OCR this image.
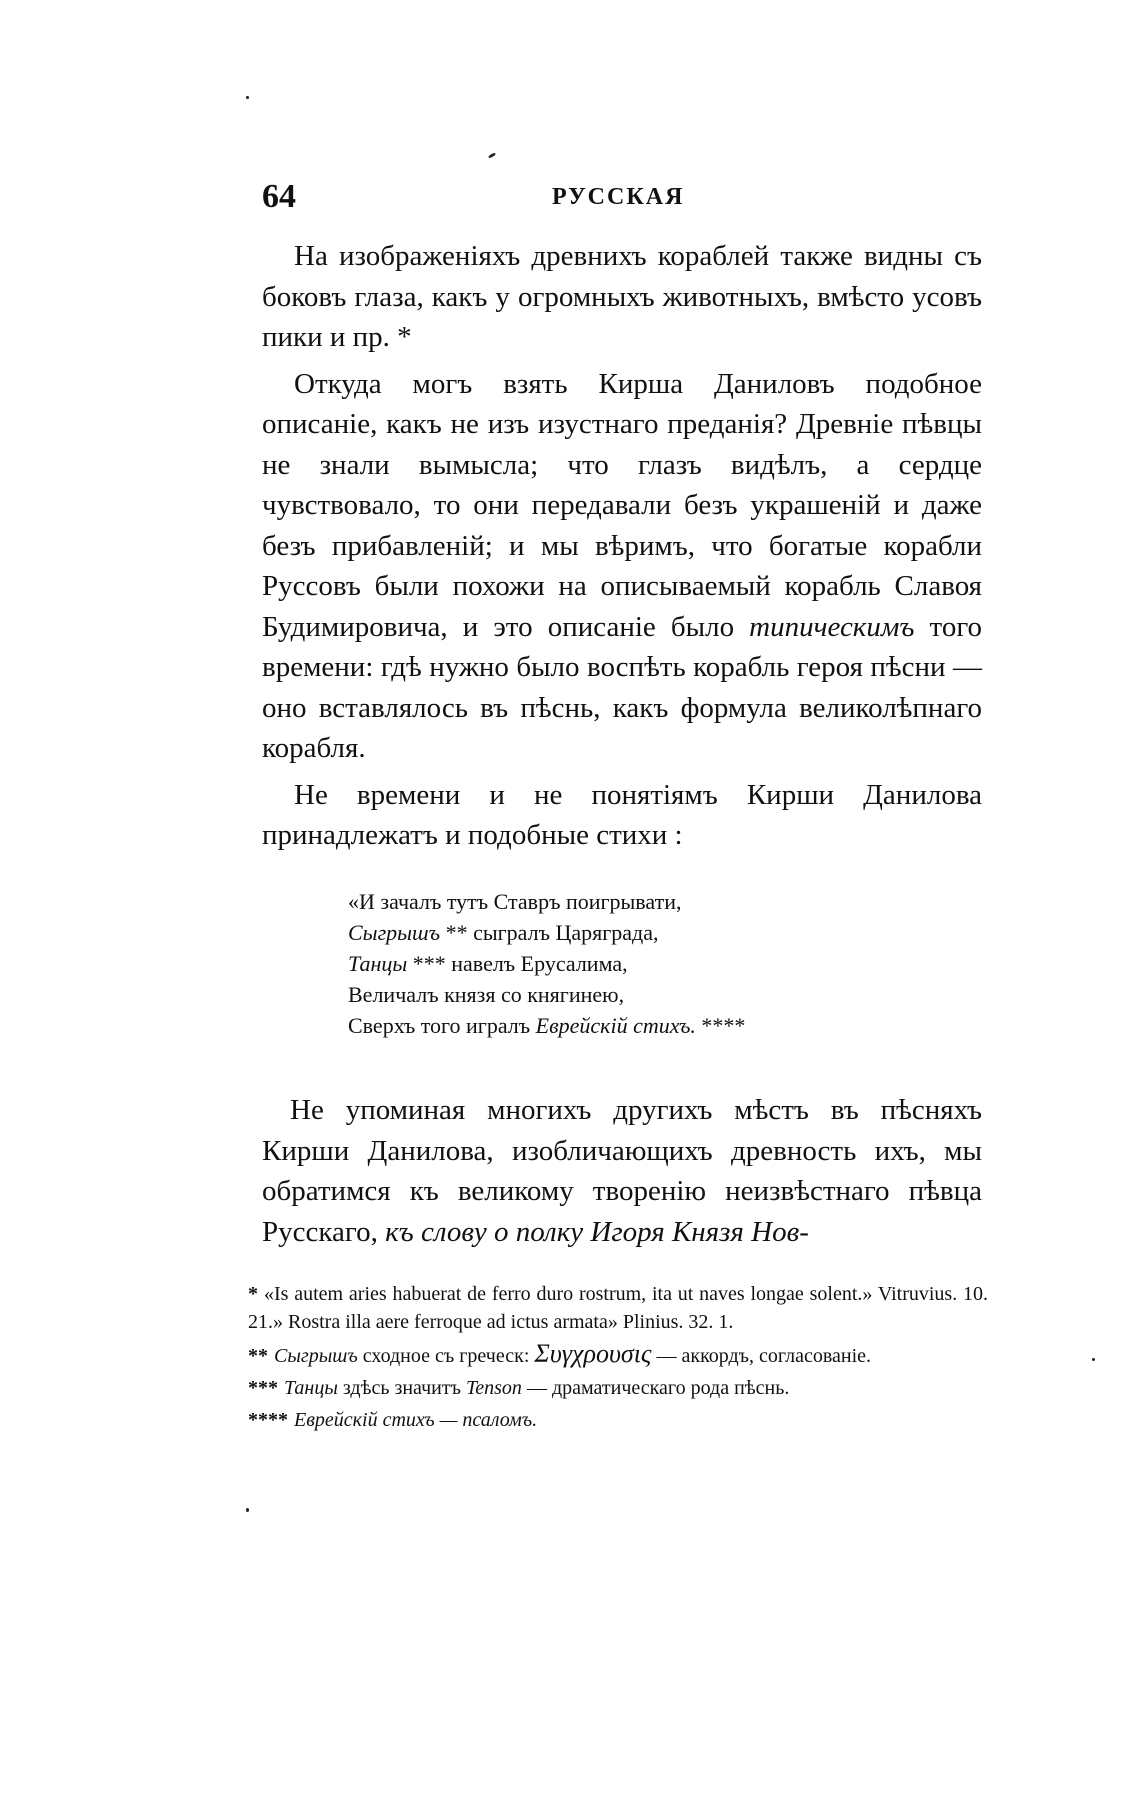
64	РУССКАЯ

На изображеніяхъ древнихъ кораблей также видны съ боковъ глаза, какъ у огромныхъ животныхъ, вмѣсто усовъ пики и пр. *

Откуда могъ взять Кирша Даниловъ подобное описаніе, какъ не изъ изустнаго преданія? Древніе пѣвцы не знали вымысла; что глазъ видѣлъ, а сердце чувствовало, то они передавали безъ украшеній и даже безъ прибавленій; и мы вѣримъ, что богатые корабли Руссовъ были похожи на описываемый корабль Славоя Будимировича, и это описаніе было типическимъ того времени: гдѣ нужно было воспѣть корабль героя пѣсни — оно вставлялось въ пѣснь, какъ формула великолѣпнаго корабля.

Не времени и не понятіямъ Кирши Данилова принадлежатъ и подобные стихи :

«И зачалъ тутъ Ставръ поигрывати,
Сыгрышъ ** сыгралъ Царяграда,
Танцы *** навелъ Ерусалима,
Величалъ князя со княгинею,
Сверхъ того игралъ Еврейскій стихъ. ****

Не упоминая многихъ другихъ мѣстъ въ пѣсняхъ Кирши Данилова, изобличающихъ древность ихъ, мы обратимся къ великому творенію неизвѣстнаго пѣвца Русскаго, къ слову о полку Игоря Князя Нов-

* «Is autem aries habuerat de ferro duro rostrum, ita ut naves longae solent.» Vitruvius. 10. 21.» Rostra illa aere ferroque ad ictus armata» Plinius. 32. 1.

** Сыгрышъ сходное съ греческ: Συγχρουσις — аккордъ, согласованіе.

*** Танцы здѣсь значитъ Tenson — драматическаго рода пѣснь.

**** Еврейскій стихъ — псаломъ.
